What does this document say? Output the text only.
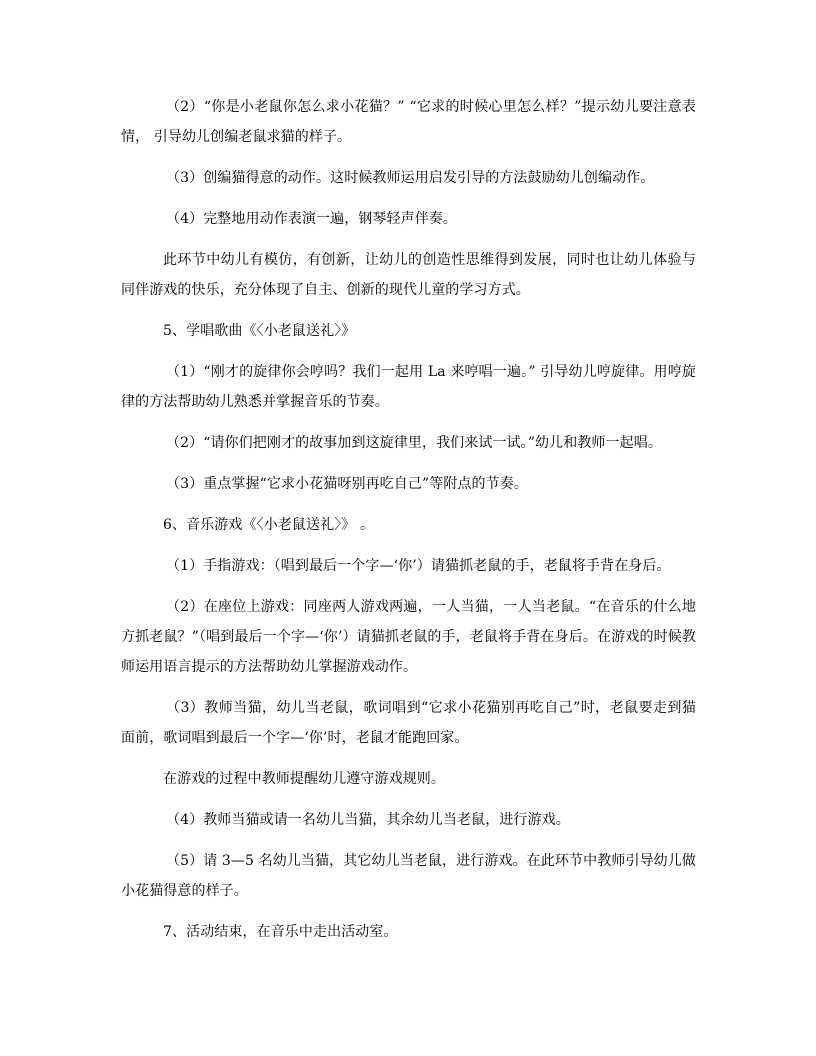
（2）“你是小老鼠你怎么求小花猫？” “它求的时候心里怎么样？”提示幼儿要注意表情， 引导幼儿创编老鼠求猫的样子。

（3）创编猫得意的动作。这时候教师运用启发引导的方法鼓励幼儿创编动作。

（4）完整地用动作表演一遍，钢琴轻声伴奏。

此环节中幼儿有模仿，有创新，让幼儿的创造性思维得到发展，同时也让幼儿体验与同伴游戏的快乐，充分体现了自主、创新的现代儿童的学习方式。

5、学唱歌曲《〈小老鼠送礼〉》

（1）“刚才的旋律你会哼吗？我们一起用 La 来哼唱一遍。” 引导幼儿哼旋律。用哼旋律的方法帮助幼儿熟悉并掌握音乐的节奏。

（2）“请你们把刚才的故事加到这旋律里，我们来试一试。”幼儿和教师一起唱。

（3）重点掌握“它求小花猫呀别再吃自己”等附点的节奏。

6、音乐游戏《〈小老鼠送礼〉》 。

（1）手指游戏：（唱到最后一个字—‘你’）请猫抓老鼠的手，老鼠将手背在身后。

（2）在座位上游戏：同座两人游戏两遍，一人当猫，一人当老鼠。“在音乐的什么地方抓老鼠？”（唱到最后一个字—‘你’）请猫抓老鼠的手，老鼠将手背在身后。在游戏的时候教师运用语言提示的方法帮助幼儿掌握游戏动作。

（3）教师当猫，幼儿当老鼠，歌词唱到“它求小花猫别再吃自己”时，老鼠要走到猫面前，歌词唱到最后一个字—‘你’时，老鼠才能跑回家。

在游戏的过程中教师提醒幼儿遵守游戏规则。

（4）教师当猫或请一名幼儿当猫，其余幼儿当老鼠，进行游戏。

（5）请 3—5 名幼儿当猫，其它幼儿当老鼠，进行游戏。在此环节中教师引导幼儿做小花猫得意的样子。

7、活动结束，在音乐中走出活动室。
